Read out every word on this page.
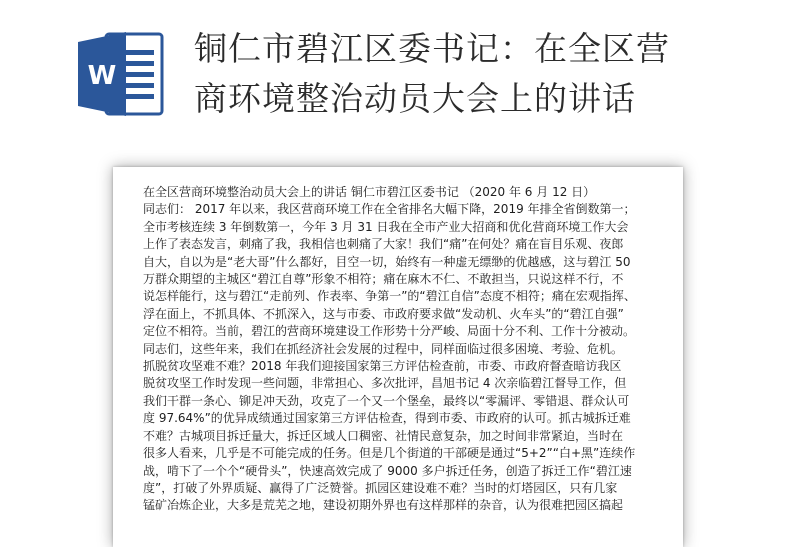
W
铜仁市碧江区委书记：在全区营
商环境整治动员大会上的讲话
在全区营商环境整治动员大会上的讲话 铜仁市碧江区委书记 （2020 年 6 月 12 日）
同志们： 2017 年以来，我区营商环境工作在全省排名大幅下降，2019 年排全省倒数第一；
全市考核连续 3 年倒数第一，今年 3 月 31 日我在全市产业大招商和优化营商环境工作大会
上作了表态发言，刺痛了我，我相信也刺痛了大家！我们“痛”在何处？痛在盲目乐观、夜郎
自大，自以为是“老大哥”什么都好，目空一切，始终有一种虚无缥缈的优越感，这与碧江 50
万群众期望的主城区“碧江自尊”形象不相符；痛在麻木不仁、不敢担当，只说这样不行，不
说怎样能行，这与碧江“走前列、作表率、争第一”的“碧江自信”态度不相符；痛在宏观指挥、
浮在面上，不抓具体、不抓深入，这与市委、市政府要求做“发动机、火车头”的“碧江自强”
定位不相符。当前，碧江的营商环境建设工作形势十分严峻、局面十分不利、工作十分被动。
同志们，这些年来，我们在抓经济社会发展的过程中，同样面临过很多困境、考验、危机。
抓脱贫攻坚难不难？2018 年我们迎接国家第三方评估检查前，市委、市政府督查暗访我区
脱贫攻坚工作时发现一些问题，非常担心、多次批评，昌旭书记 4 次亲临碧江督导工作，但
我们干群一条心、铆足冲天劲，攻克了一个又一个堡垒，最终以“零漏评、零错退、群众认可
度 97.64%”的优异成绩通过国家第三方评估检查，得到市委、市政府的认可。抓古城拆迁难
不难？古城项目拆迁量大，拆迁区域人口稠密、社情民意复杂，加之时间非常紧迫，当时在
很多人看来，几乎是不可能完成的任务。但是几个街道的干部硬是通过“5+2”“白+黑”连续作
战，啃下了一个个“硬骨头”，快速高效完成了 9000 多户拆迁任务，创造了拆迁工作“碧江速
度”，打破了外界质疑、赢得了广泛赞誉。抓园区建设难不难？当时的灯塔园区，只有几家
锰矿冶炼企业，大多是荒芜之地，建设初期外界也有这样那样的杂音，认为很难把园区搞起
